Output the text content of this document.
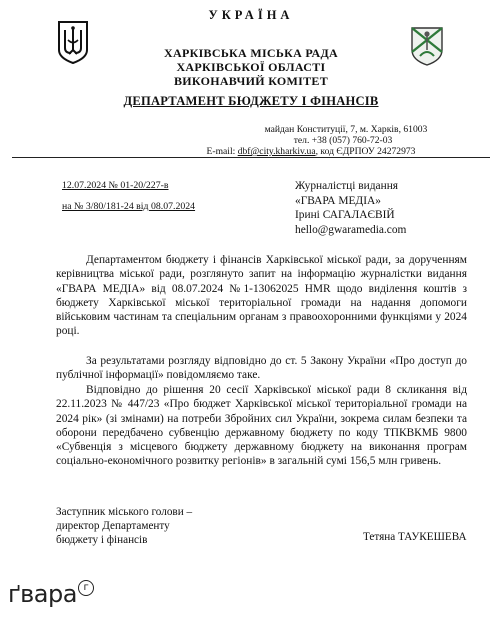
УКРАЇНА
ХАРКІВСЬКА МІСЬКА РАДА
ХАРКІВСЬКОЇ ОБЛАСТІ
ВИКОНАВЧИЙ КОМІТЕТ
ДЕПАРТАМЕНТ БЮДЖЕТУ І ФІНАНСІВ
майдан Конституції, 7, м. Харків, 61003
тел. +38 (057) 760-72-03
E-mail: dbf@city.kharkiv.ua, код ЄДРПОУ 24272973
12.07.2024 № 01-20/227-в
на № 3/80/181-24 від 08.07.2024
Журналістці видання
«ГВАРА МЕДІА»
Ірині САГАЛАЄВІЙ
hello@gwaramedia.com

Департаментом бюджету і фінансів Харківської міської ради, за дорученням керівництва міської ради, розглянуто запит на інформацію журналістки видання «ГВАРА МЕДІА» від 08.07.2024 №1-13062025 HMR щодо виділення коштів з бюджету Харківської міської територіальної громади на надання допомоги військовим частинам та спеціальним органам з правоохоронними функціями у 2024 році.

За результатами розгляду відповідно до ст. 5 Закону України «Про доступ до публічної інформації» повідомляємо таке.

Відповідно до рішення 20 сесії Харківської міської ради 8 скликання від 22.11.2023 № 447/23 «Про бюджет Харківської міської територіальної громади на 2024 рік» (зі змінами) на потреби Збройних сил України, зокрема силам безпеки та оборони передбачено субвенцію державному бюджету по коду ТПКВКМБ 9800 «Субвенція з місцевого бюджету державному бюджету на виконання програм соціально-економічного розвитку регіонів» в загальній сумі 156,5 млн гривень.

Заступник міського голови –
директор Департаменту
бюджету і фінансів	Тетяна ТАУКЕШЕВА
ґвара $^г$
